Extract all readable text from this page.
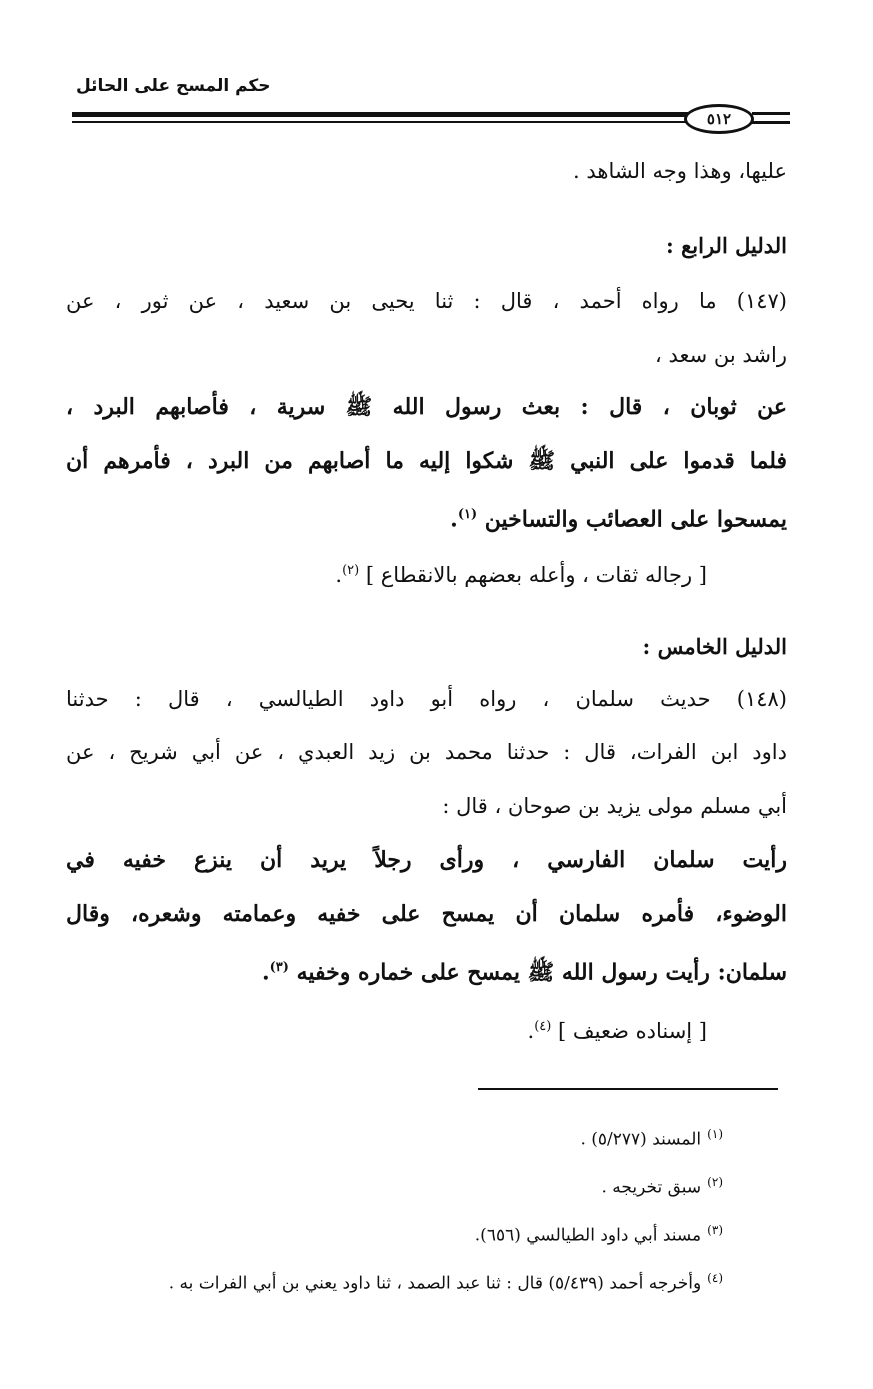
حكم المسح على الحائل
٥١٢
عليها، وهذا وجه الشاهد .
الدليل الرابع :
(١٤٧) ما رواه أحمد ، قال : ثنا يحيى بن سعيد ، عن ثور ، عن
راشد بن سعد ،
عن ثوبان ، قال : بعث رسول الله ﷺ سرية ، فأصابهم البرد ،
فلما قدموا على النبي ﷺ شكوا إليه ما أصابهم من البرد ، فأمرهم أن
يمسحوا على العصائب والتساخين $^{(١)}$.
[ رجاله ثقات ، وأعله بعضهم بالانقطاع ] $^{(٢)}$.
الدليل الخامس :
(١٤٨) حديث سلمان ، رواه أبو داود الطيالسي ، قال : حدثنا
داود ابن الفرات، قال : حدثنا محمد بن زيد العبدي ، عن أبي شريح ، عن
أبي مسلم مولى يزيد بن صوحان ، قال :
رأيت سلمان الفارسي ، ورأى رجلاً يريد أن ينزع خفيه في
الوضوء، فأمره سلمان أن يمسح على خفيه وعمامته وشعره، وقال
سلمان: رأيت رسول الله ﷺ يمسح على خماره وخفيه $^{(٣)}$.
[ إسناده ضعيف ] $^{(٤)}$.
$^{(١)}$المسند (٥/٢٧٧) .
$^{(٢)}$سبق تخريجه .
$^{(٣)}$مسند أبي داود الطيالسي (٦٥٦).
$^{(٤)}$وأخرجه أحمد (٥/٤٣٩) قال : ثنا عبد الصمد ، ثنا داود يعني بن أبي الفرات به .
